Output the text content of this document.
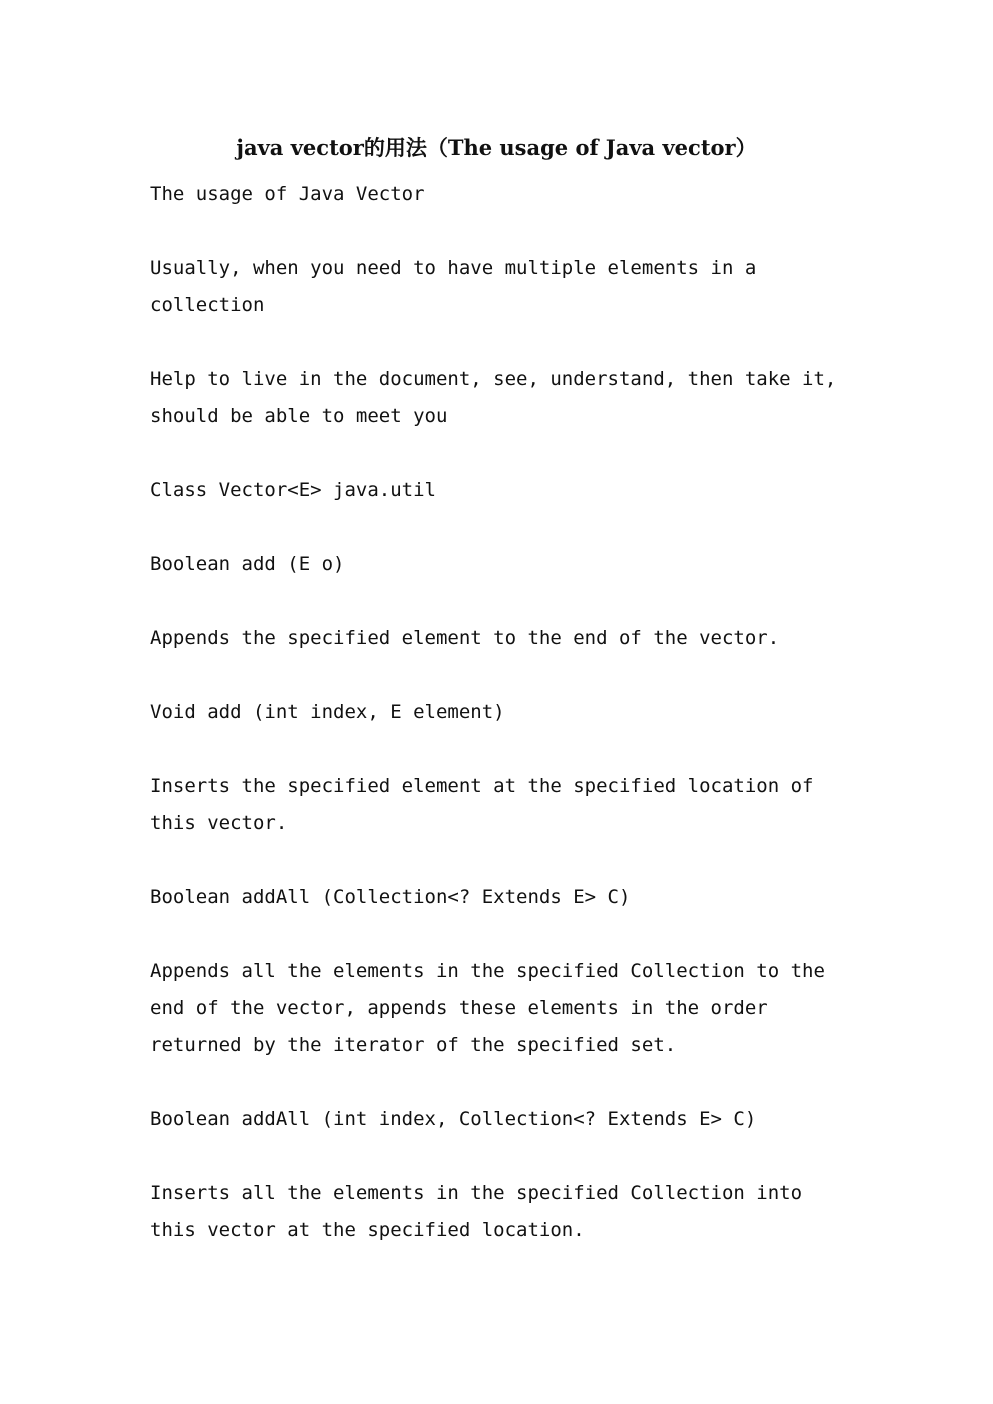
java vector的用法（The usage of Java vector）

The usage of Java Vector

Usually, when you need to have multiple elements in a
collection

Help to live in the document, see, understand, then take it,
should be able to meet you

Class Vector<E> java.util

Boolean add (E o)

Appends the specified element to the end of the vector.

Void add (int index, E element)

Inserts the specified element at the specified location of
this vector.

Boolean addAll (Collection<? Extends E> C)

Appends all the elements in the specified Collection to the
end of the vector, appends these elements in the order
returned by the iterator of the specified set.

Boolean addAll (int index, Collection<? Extends E> C)

Inserts all the elements in the specified Collection into
this vector at the specified location.
